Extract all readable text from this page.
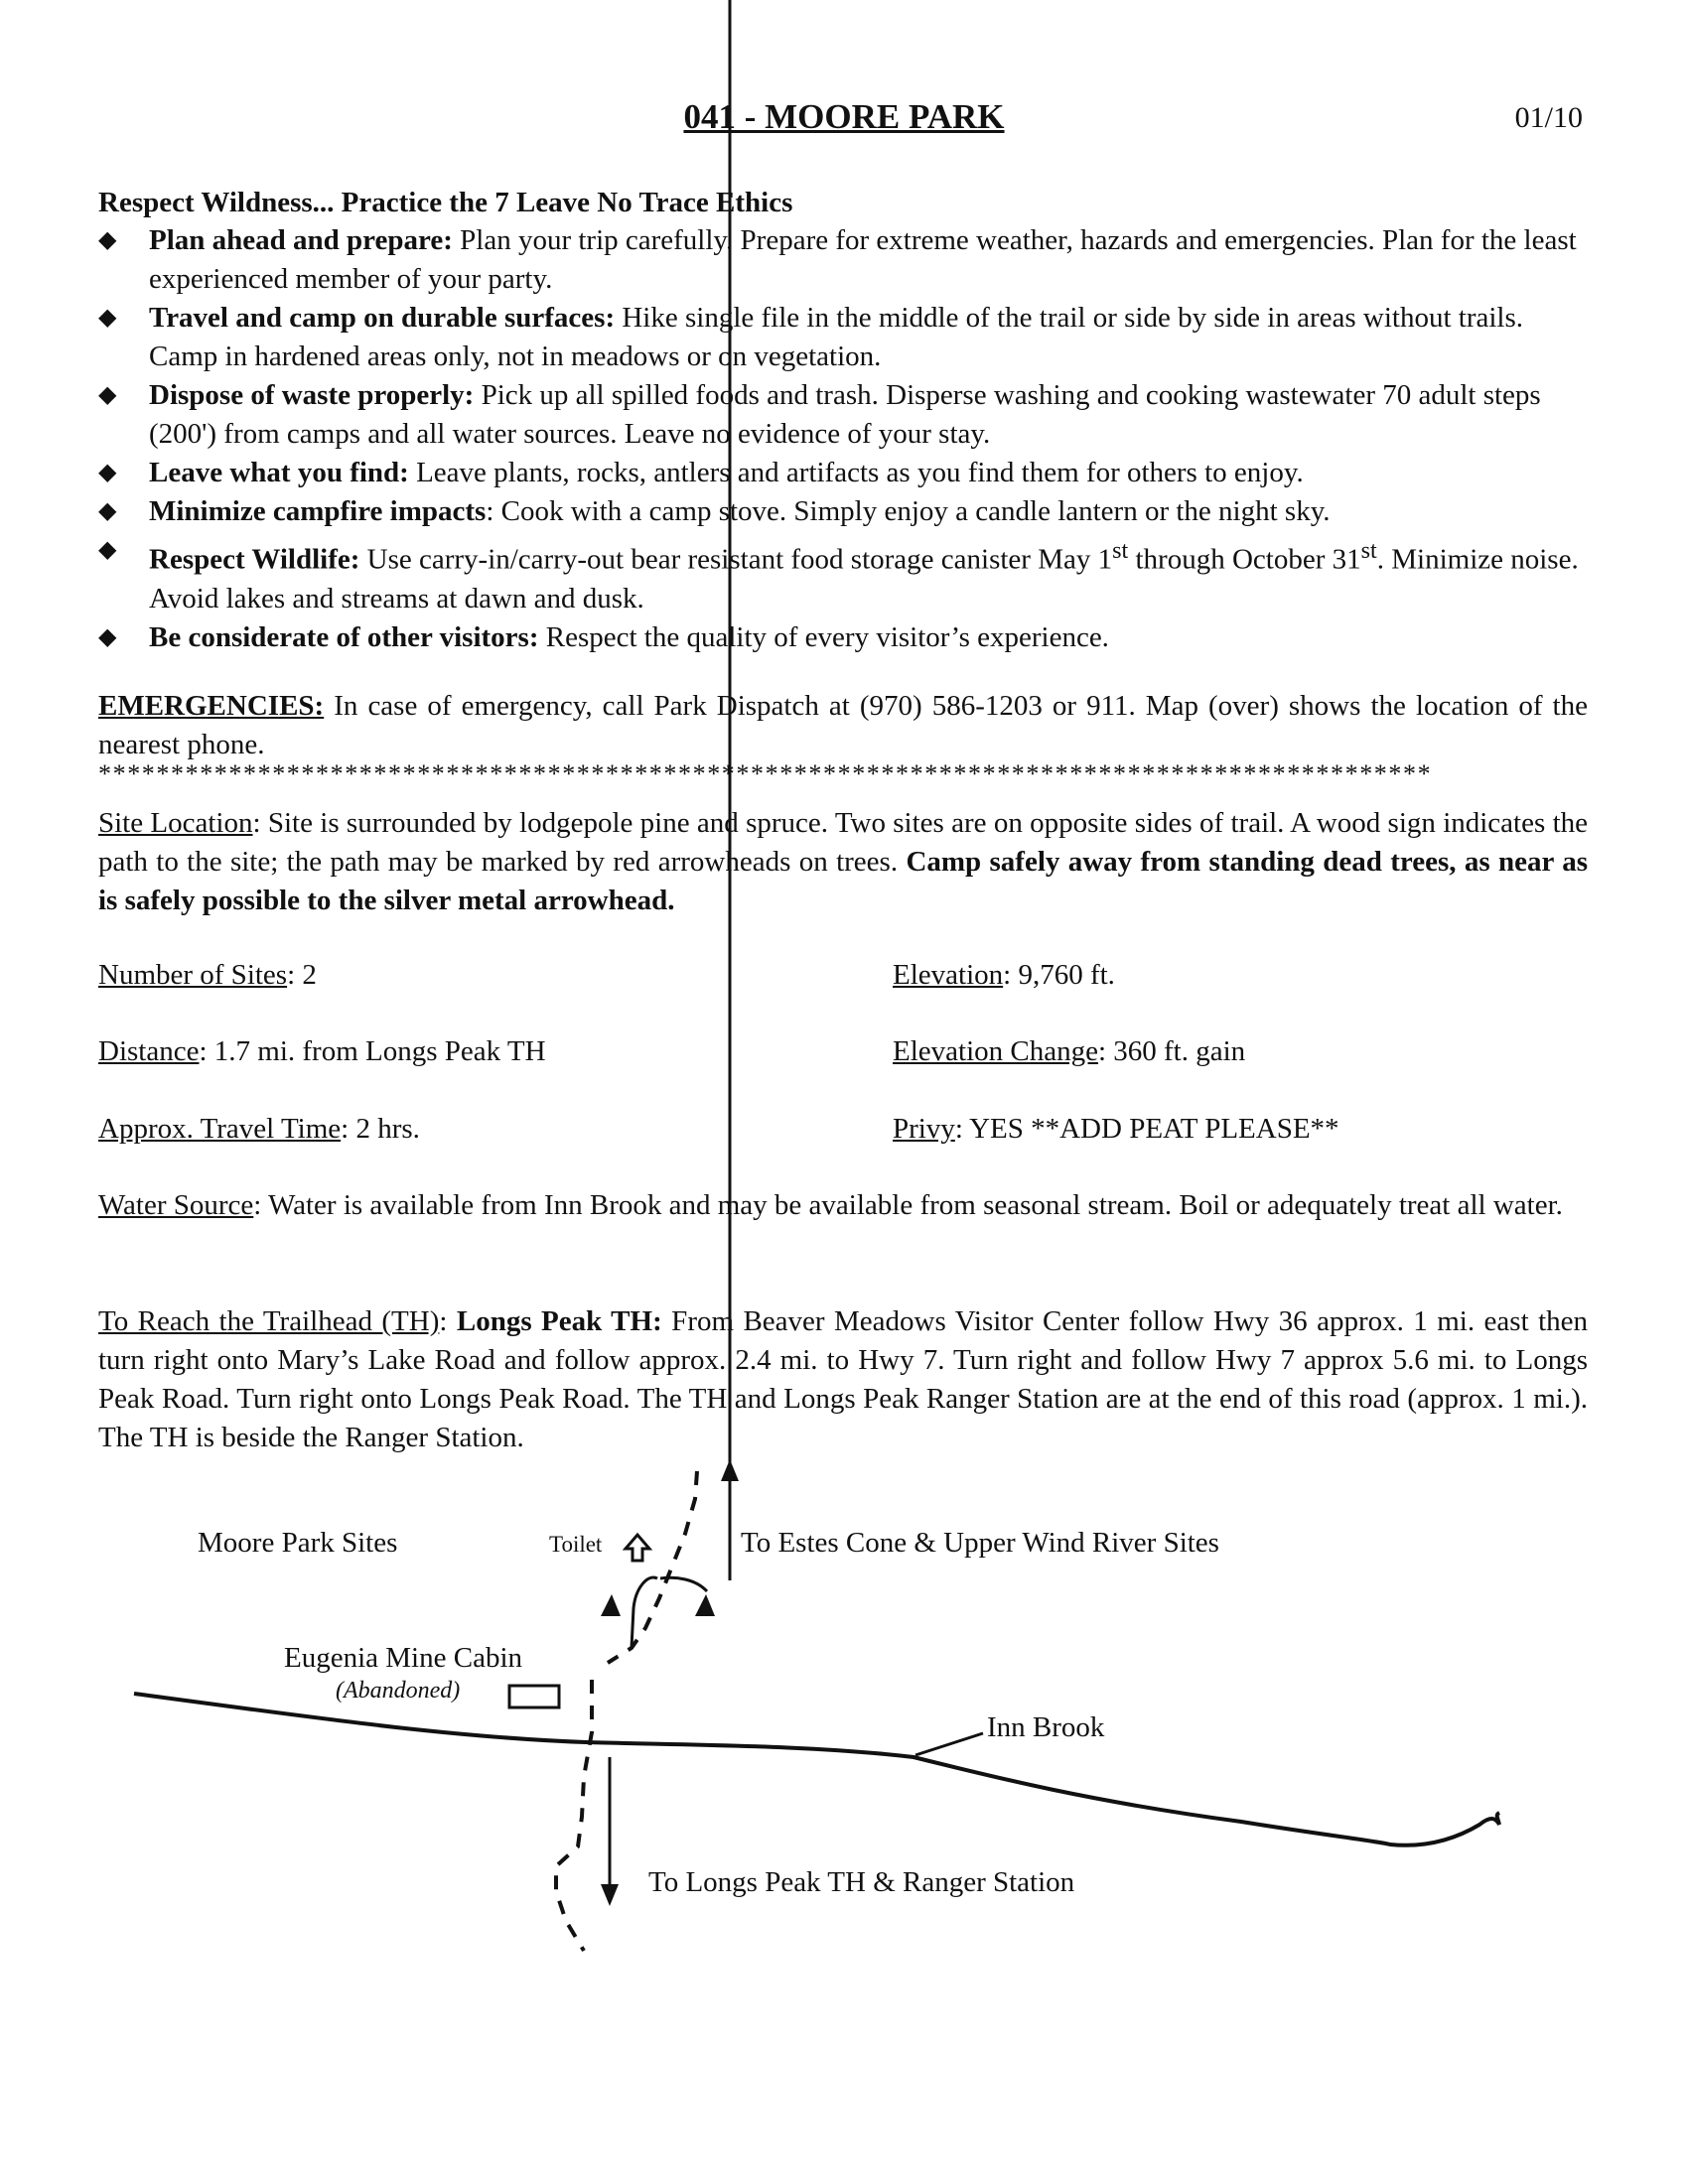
041 - MOORE PARK	01/10
Respect Wildness... Practice the 7 Leave No Trace Ethics
◆ Plan ahead and prepare: Plan your trip carefully. Prepare for extreme weather, hazards and emergencies. Plan for the least experienced member of your party.
◆ Travel and camp on durable surfaces: Hike single file in the middle of the trail or side by side in areas without trails. Camp in hardened areas only, not in meadows or on vegetation.
◆ Dispose of waste properly: Pick up all spilled foods and trash. Disperse washing and cooking wastewater 70 adult steps (200') from camps and all water sources. Leave no evidence of your stay.
◆ Leave what you find: Leave plants, rocks, antlers and artifacts as you find them for others to enjoy.
◆ Minimize campfire impacts: Cook with a camp stove. Simply enjoy a candle lantern or the night sky.
◆ Respect Wildlife: Use carry-in/carry-out bear resistant food storage canister May 1st through October 31st. Minimize noise. Avoid lakes and streams at dawn and dusk.
◆ Be considerate of other visitors: Respect the quality of every visitor’s experience.
EMERGENCIES: In case of emergency, call Park Dispatch at (970) 586-1203 or 911. Map (over) shows the location of the nearest phone.
********************************************************************************************
Site Location: Site is surrounded by lodgepole pine and spruce. Two sites are on opposite sides of trail. A wood sign indicates the path to the site; the path may be marked by red arrowheads on trees. Camp safely away from standing dead trees, as near as is safely possible to the silver metal arrowhead.
Number of Sites: 2	Elevation: 9,760 ft.
Distance: 1.7 mi. from Longs Peak TH	Elevation Change: 360 ft. gain
Approx. Travel Time: 2 hrs.	Privy: YES **ADD PEAT PLEASE**
Water Source: Water is available from Inn Brook and may be available from seasonal stream. Boil or adequately treat all water.
To Reach the Trailhead (TH): Longs Peak TH: From Beaver Meadows Visitor Center follow Hwy 36 approx. 1 mi. east then turn right onto Mary’s Lake Road and follow approx. 2.4 mi. to Hwy 7. Turn right and follow Hwy 7 approx 5.6 mi. to Longs Peak Road. Turn right onto Longs Peak Road. The TH and Longs Peak Ranger Station are at the end of this road (approx. 1 mi.). The TH is beside the Ranger Station.
Moore Park Sites	Toilet	To Estes Cone & Upper Wind River Sites
Eugenia Mine Cabin
(Abandoned)
Inn Brook
To Longs Peak TH & Ranger Station
